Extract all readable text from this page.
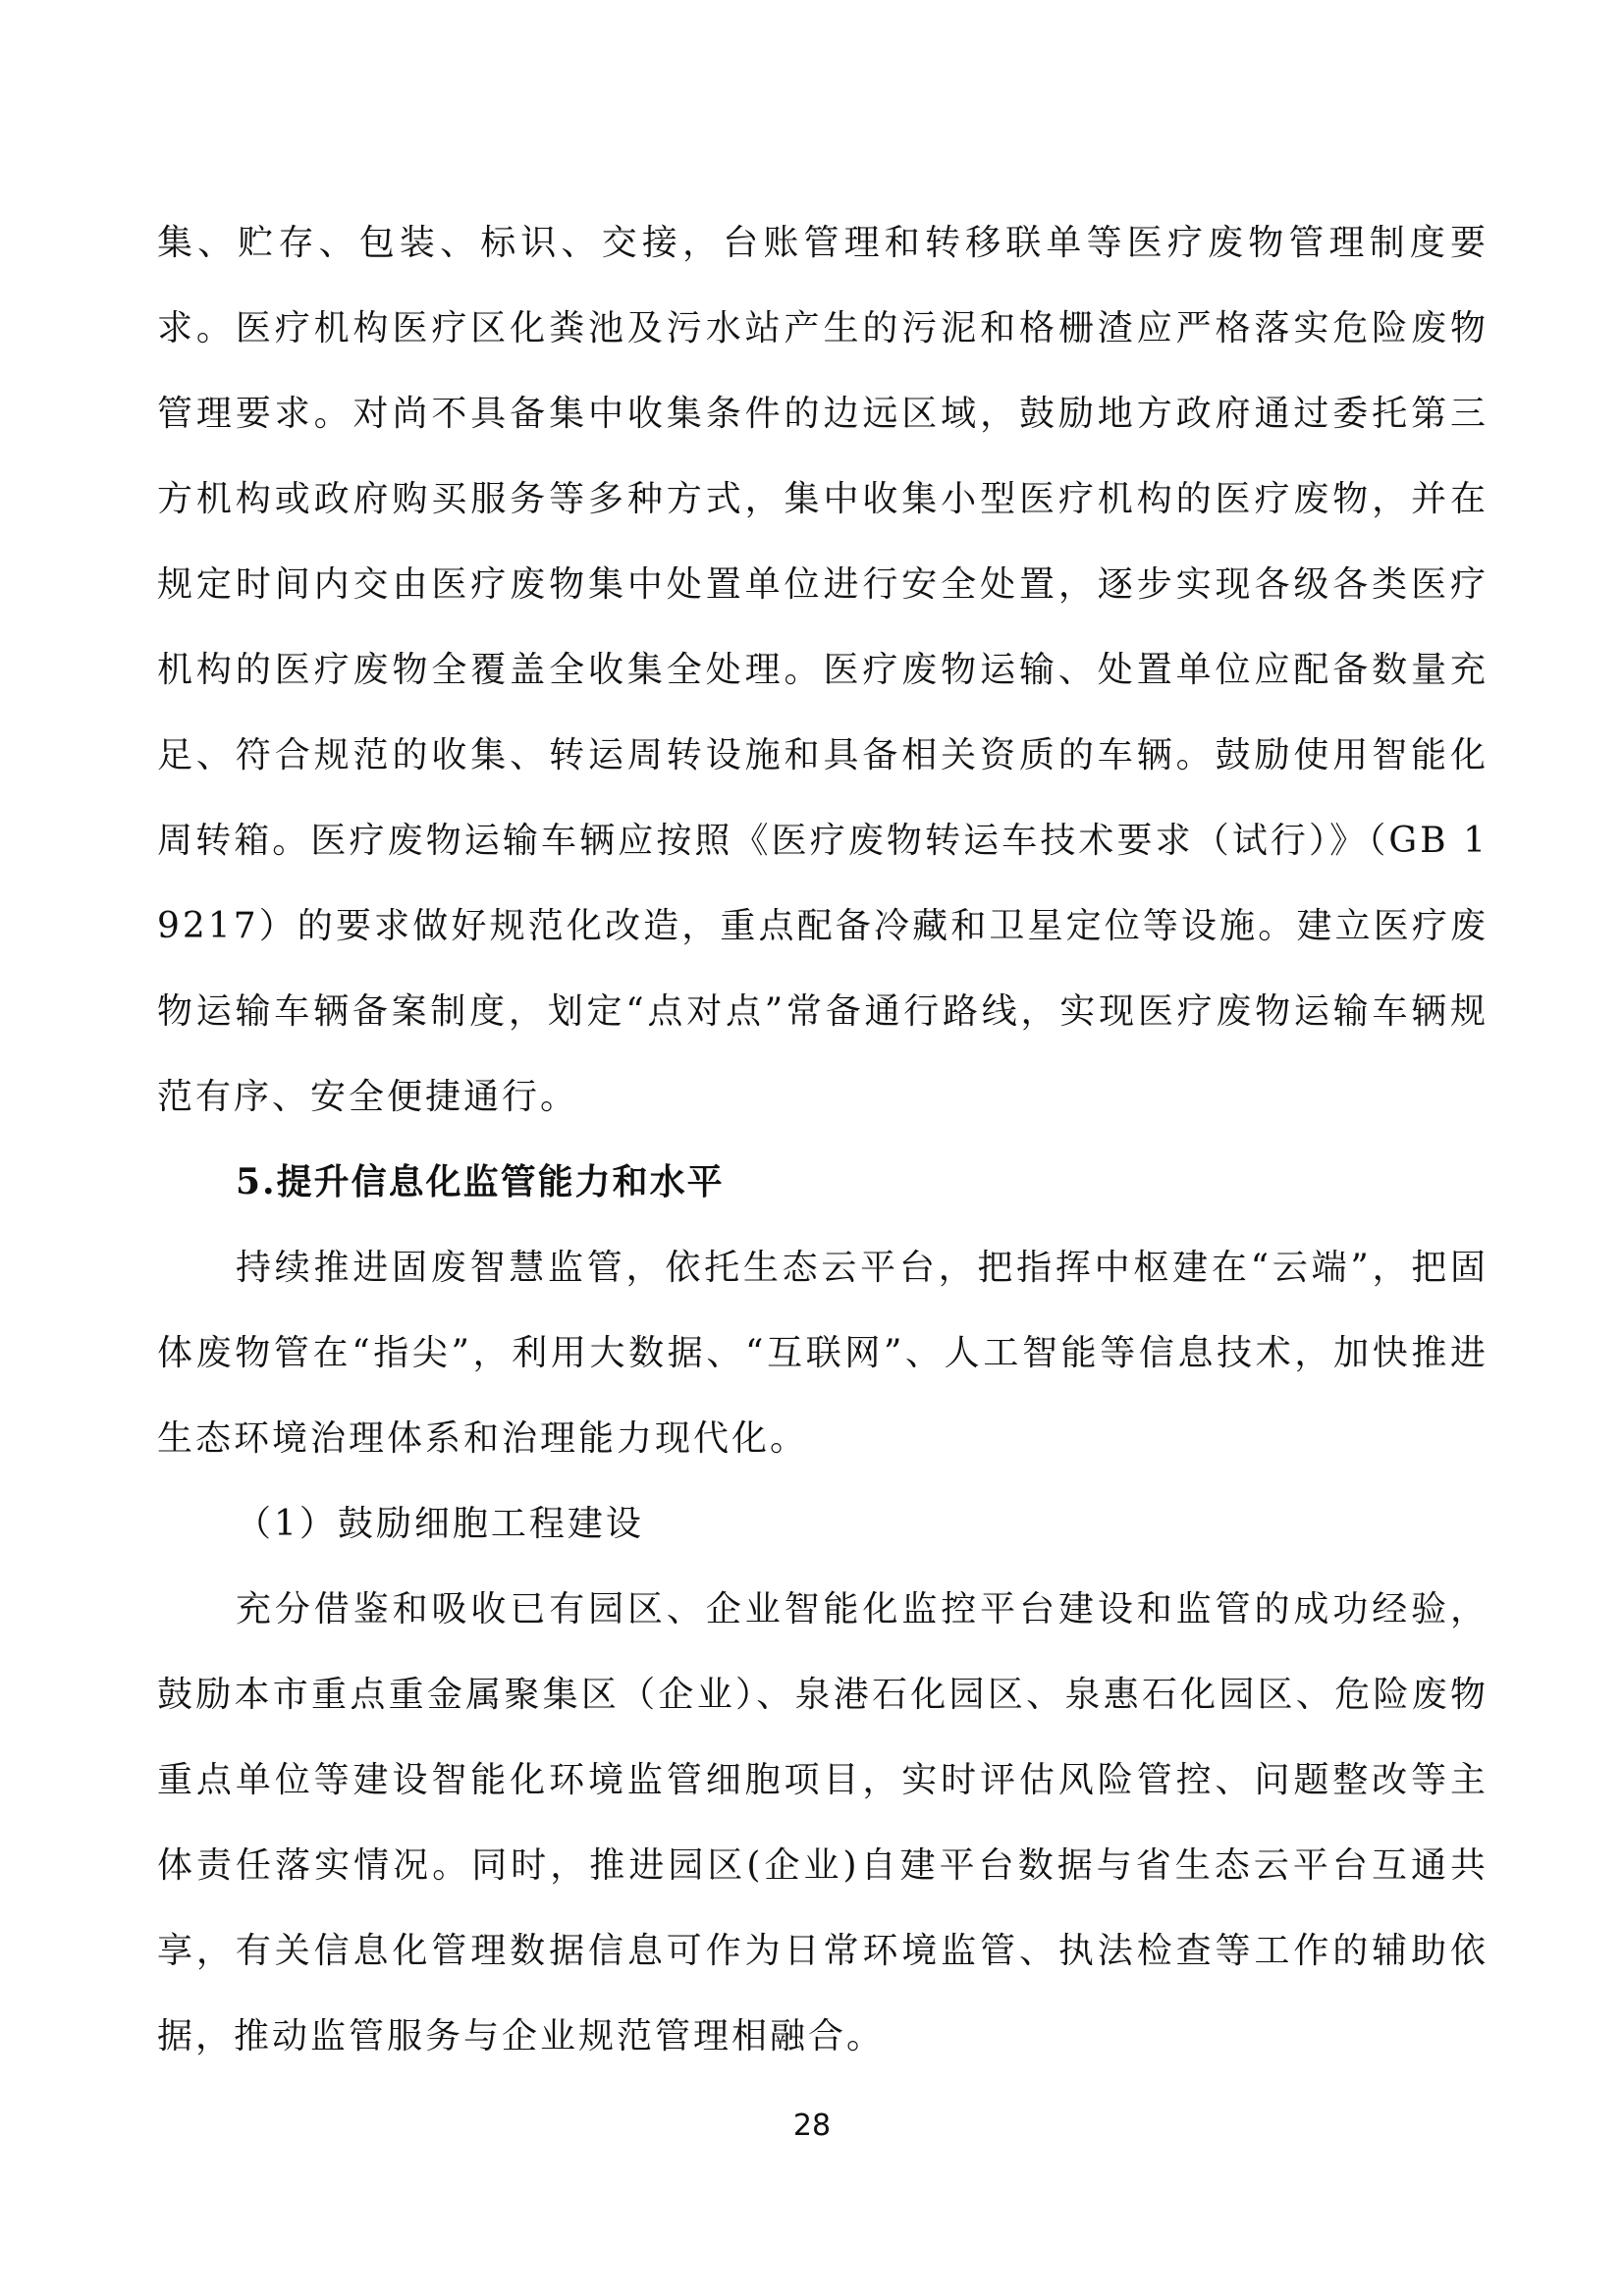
集、贮存、包装、标识、交接，台账管理和转移联单等医疗废物管理制度要求。医疗机构医疗区化粪池及污水站产生的污泥和格栅渣应严格落实危险废物管理要求。对尚不具备集中收集条件的边远区域，鼓励地方政府通过委托第三方机构或政府购买服务等多种方式，集中收集小型医疗机构的医疗废物，并在规定时间内交由医疗废物集中处置单位进行安全处置，逐步实现各级各类医疗机构的医疗废物全覆盖全收集全处理。医疗废物运输、处置单位应配备数量充足、符合规范的收集、转运周转设施和具备相关资质的车辆。鼓励使用智能化周转箱。医疗废物运输车辆应按照《医疗废物转运车技术要求（试行）》（GB 19217）的要求做好规范化改造，重点配备冷藏和卫星定位等设施。建立医疗废物运输车辆备案制度，划定“点对点”常备通行路线，实现医疗废物运输车辆规范有序、安全便捷通行。

5.提升信息化监管能力和水平

持续推进固废智慧监管，依托生态云平台，把指挥中枢建在“云端”，把固体废物管在“指尖”，利用大数据、“互联网”、人工智能等信息技术，加快推进生态环境治理体系和治理能力现代化。

（1）鼓励细胞工程建设

充分借鉴和吸收已有园区、企业智能化监控平台建设和监管的成功经验，鼓励本市重点重金属聚集区（企业）、泉港石化园区、泉惠石化园区、危险废物重点单位等建设智能化环境监管细胞项目，实时评估风险管控、问题整改等主体责任落实情况。同时，推进园区(企业)自建平台数据与省生态云平台互通共享，有关信息化管理数据信息可作为日常环境监管、执法检查等工作的辅助依据，推动监管服务与企业规范管理相融合。

28
